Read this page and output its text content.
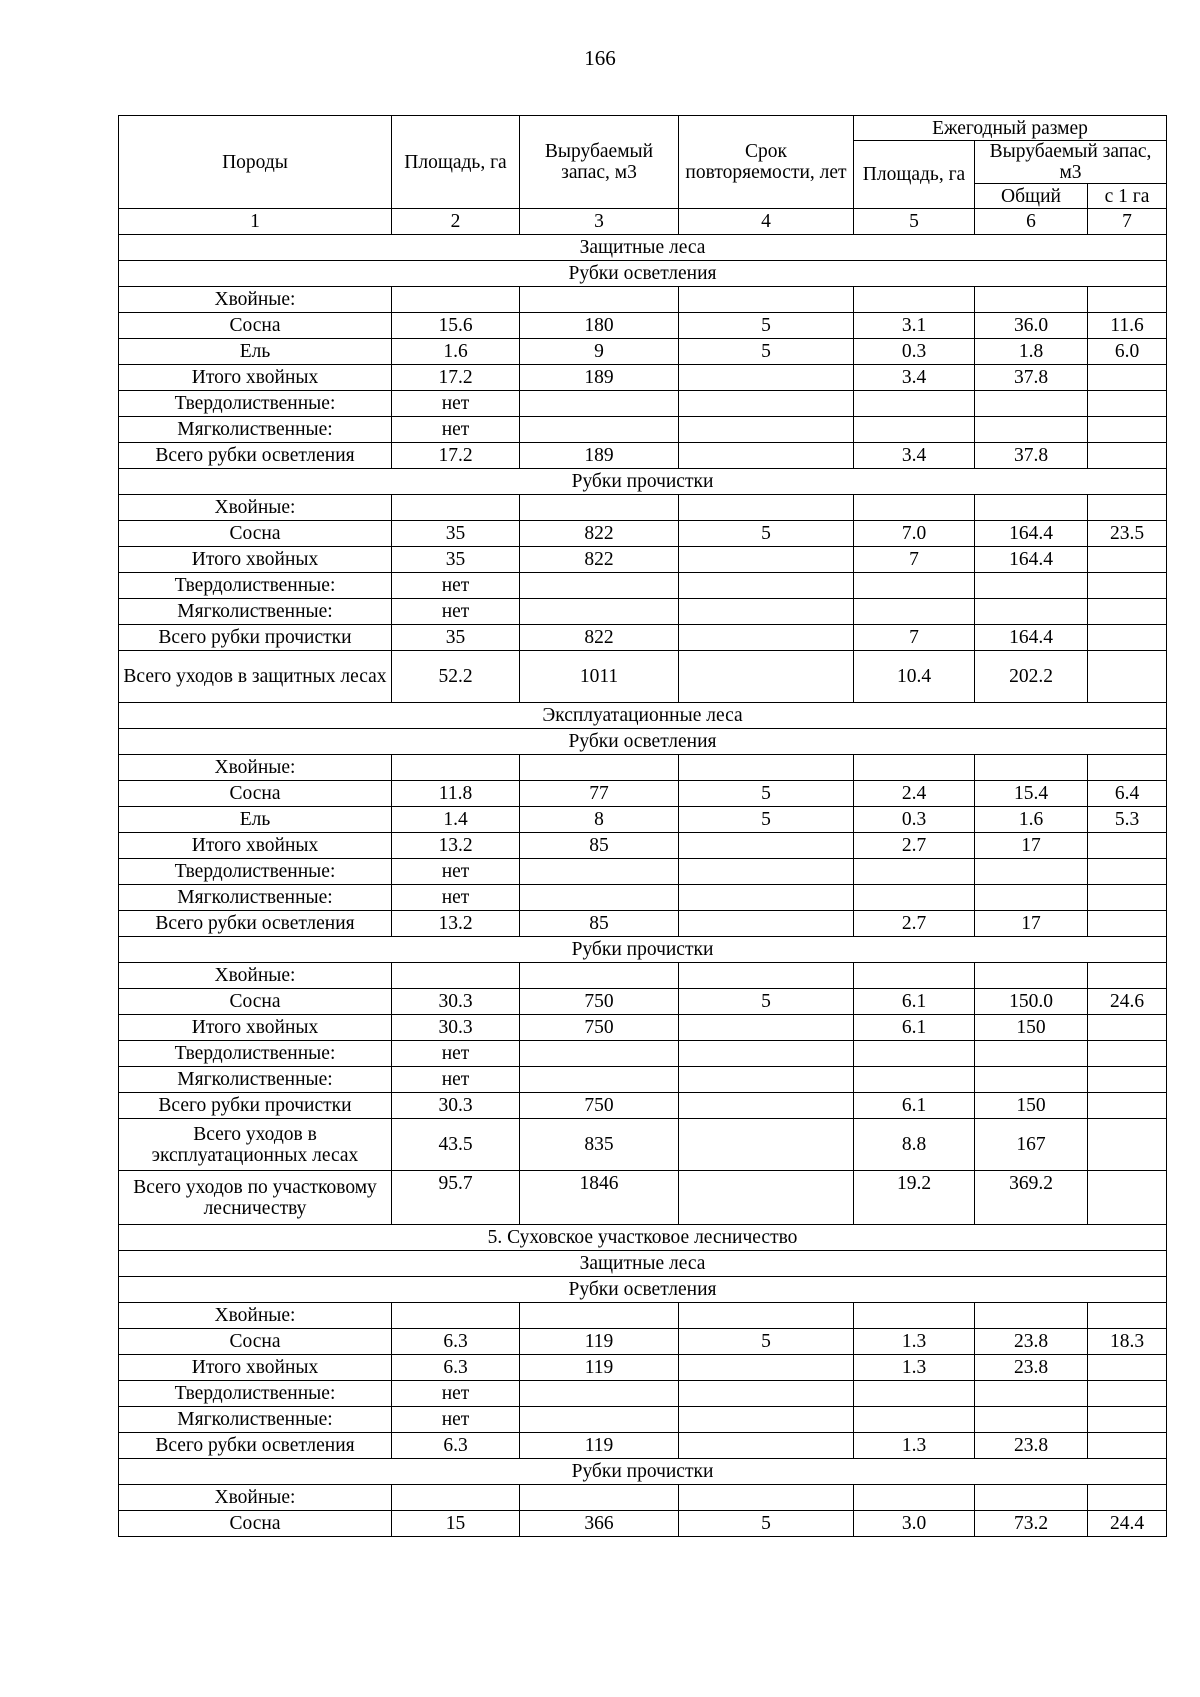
166
Породы	Площадь, га	Вырубаемый запас, м3	Срок повторяемости, лет	Ежегодный размер		
				Площадь, га	Вырубаемый запас, м3	
					Общий	с 1 га
1	2	3	4	5	6	7
Защитные леса						
Рубки осветления						
Хвойные:						
Сосна	15.6	180	5	3.1	36.0	11.6
Ель	1.6	9	5	0.3	1.8	6.0
Итого хвойных	17.2	189		3.4	37.8	
Твердолиственные:	нет					
Мягколиственные:	нет					
Всего рубки осветления	17.2	189		3.4	37.8	
Рубки прочистки						
Хвойные:						
Сосна	35	822	5	7.0	164.4	23.5
Итого хвойных	35	822		7	164.4	
Твердолиственные:	нет					
Мягколиственные:	нет					
Всего рубки прочистки	35	822		7	164.4	
Всего уходов в защитных лесах	52.2	1011		10.4	202.2	
Эксплуатационные леса						
Рубки осветления						
Хвойные:						
Сосна	11.8	77	5	2.4	15.4	6.4
Ель	1.4	8	5	0.3	1.6	5.3
Итого хвойных	13.2	85		2.7	17	
Твердолиственные:	нет					
Мягколиственные:	нет					
Всего рубки осветления	13.2	85		2.7	17	
Рубки прочистки						
Хвойные:						
Сосна	30.3	750	5	6.1	150.0	24.6
Итого хвойных	30.3	750		6.1	150	
Твердолиственные:	нет					
Мягколиственные:	нет					
Всего рубки прочистки	30.3	750		6.1	150	
Всего уходов в эксплуатационных лесах	43.5	835		8.8	167	
Всего уходов по участковому лесничеству	95.7	1846		19.2	369.2	
5. Суховское участковое лесничество						
Защитные леса						
Рубки осветления						
Хвойные:						
Сосна	6.3	119	5	1.3	23.8	18.3
Итого хвойных	6.3	119		1.3	23.8	
Твердолиственные:	нет					
Мягколиственные:	нет					
Всего рубки осветления	6.3	119		1.3	23.8	
Рубки прочистки						
Хвойные:						
Сосна	15	366	5	3.0	73.2	24.4
